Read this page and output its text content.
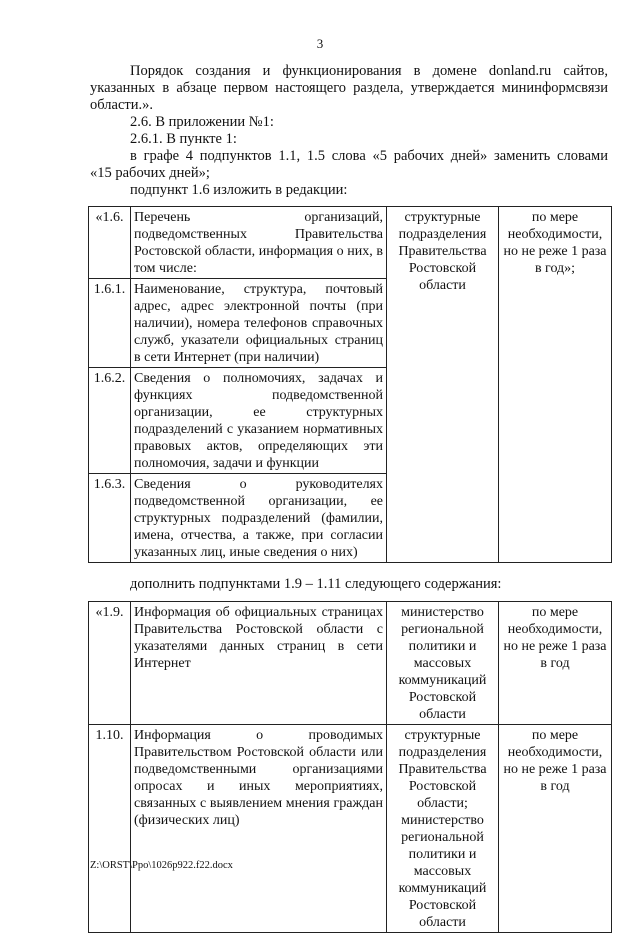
3

Порядок создания и функционирования в домене donland.ru сайтов,

указанных в абзаце первом настоящего раздела, утверждается мининформсвязи

области.».

2.6. В приложении №1:

2.6.1. В пункте 1:

в графе 4 подпунктов 1.1, 1.5 слова «5 рабочих дней» заменить словами

«15 рабочих дней»;

подпункт 1.6 изложить в редакции:

«1.6.	Перечень организаций, подведомственных Правительства Ростовской области, информация о них, в том числе:	структурные подразделения Правительства Ростовской области	по мере необходимости, но не реже 1 раза в год»;
1.6.1.	Наименование, структура, почтовый адрес, адрес электронной почты (при наличии), номера телефонов справочных служб, указатели официальных страниц в сети Интернет (при наличии)		
1.6.2.	Сведения о полномочиях, задачах и функциях подведомственной организации, ее структурных подразделений с указанием нормативных правовых актов, определяющих эти полномочия, задачи и функции		
1.6.3.	Сведения о руководителях подведомственной организации, ее структурных подразделений (фамилии, имена, отчества, а также, при согласии указанных лиц, иные сведения о них)		

дополнить подпунктами 1.9 – 1.11 следующего содержания:

«1.9.	Информация об официальных страницах Правительства Ростовской области с указателями данных страниц в сети Интернет	министерство региональной политики и массовых коммуникаций Ростовской области	по мере необходимости, но не реже 1 раза в год
1.10.	Информация о проводимых Правительством Ростовской области или подведомственными организациями опросах и иных мероприятиях, связанных с выявлением мнения граждан (физических лиц)	структурные подразделения Правительства Ростовской области; министерство региональной политики и массовых коммуникаций Ростовской области	по мере необходимости, но не реже 1 раза в год
Z:\ORST\Ppo\1026p922.f22.docx
